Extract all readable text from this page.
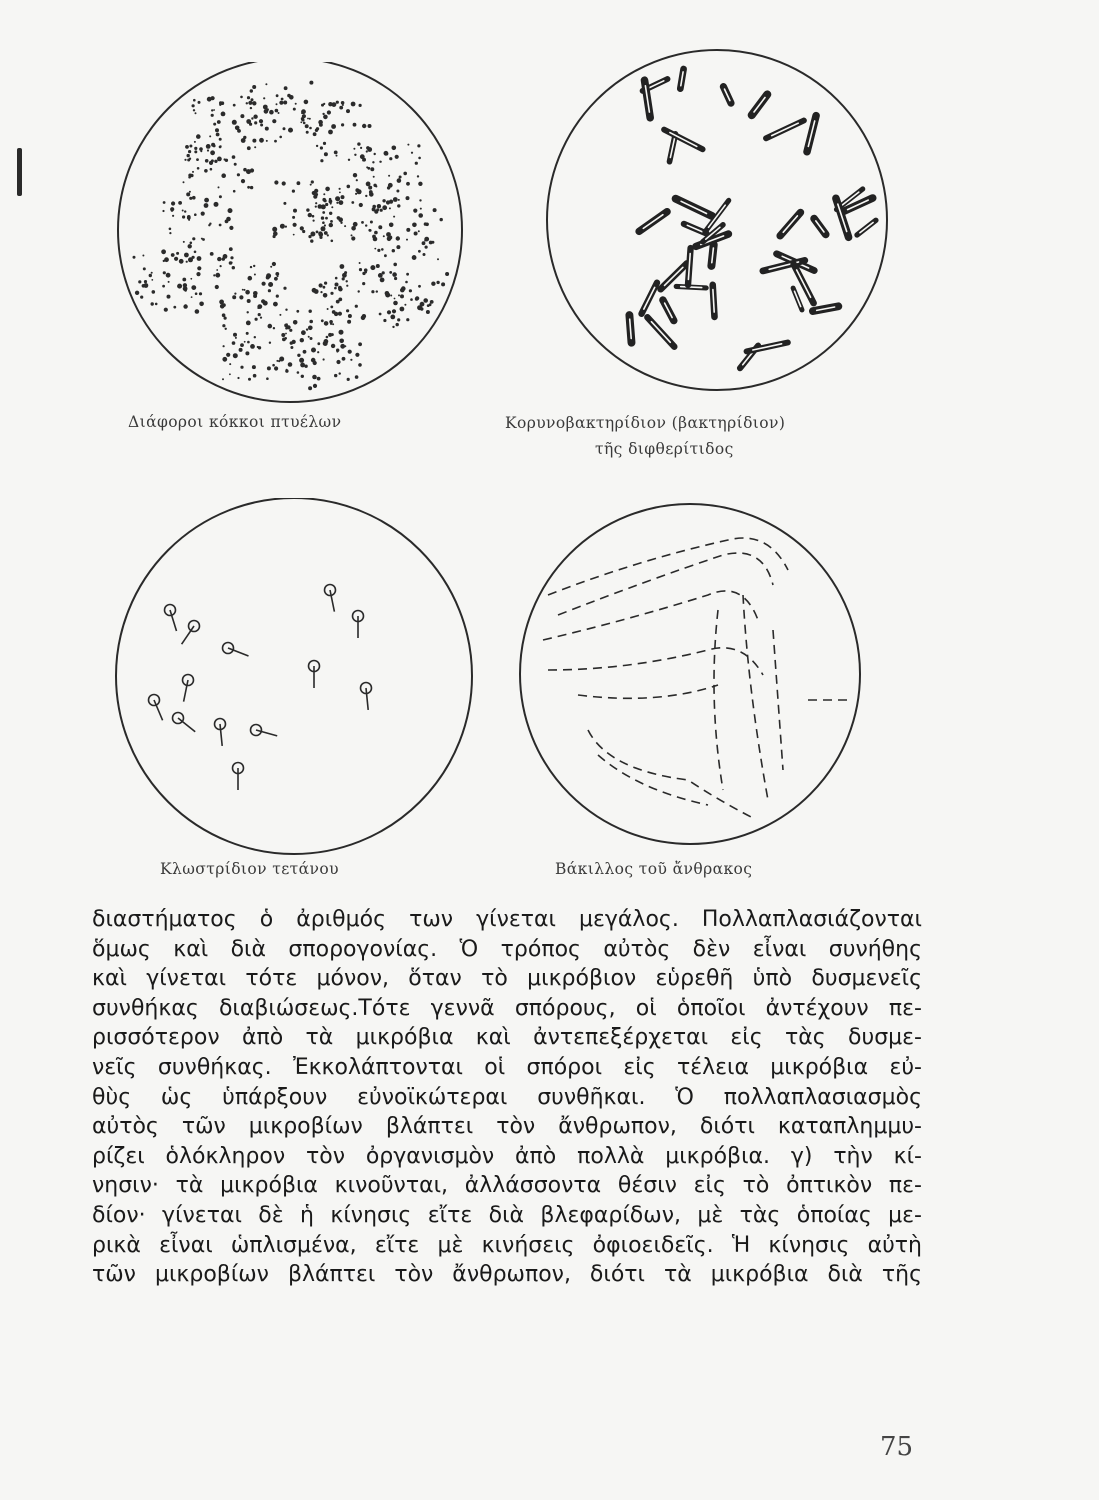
Διάφοροι κόκκοι πτυέλων	Κορυνοβακτηρίδιον (βακτηρίδιον)
τῆς διφθερίτιδος
Κλωστρίδιον τετάνου	Βάκιλλος τοῦ ἄνθρακος
διαστήματος ὁ ἀριθμός των γίνεται μεγάλος. Πολλαπλασιάζονται
ὅμως καὶ διὰ σπορογονίας. Ὁ τρόπος αὐτὸς δὲν εἶναι συνήθης
καὶ γίνεται τότε μόνον, ὅταν τὸ μικρόβιον εὑρεθῆ ὑπὸ δυσμενεῖς
συνθήκας διαβιώσεως.Τότε γεννᾶ σπόρους, οἱ ὁποῖοι ἀντέχουν πε-
ρισσότερον ἀπὸ τὰ μικρόβια καὶ ἀντεπεξέρχεται εἰς τὰς δυσμε-
νεῖς συνθήκας. Ἐκκολάπτονται οἱ σπόροι εἰς τέλεια μικρόβια εὐ-
θὺς ὡς ὑπάρξουν εὐνοϊκώτεραι συνθῆκαι. Ὁ πολλαπλασιασμὸς
αὐτὸς τῶν μικροβίων βλάπτει τὸν ἄνθρωπον, διότι καταπλημμυ-
ρίζει ὁλόκληρον τὸν ὀργανισμὸν ἀπὸ πολλὰ μικρόβια. γ) τὴν κί-
νησιν· τὰ μικρόβια κινοῦνται, ἀλλάσσοντα θέσιν εἰς τὸ ὀπτικὸν πε-
δίον· γίνεται δὲ ἡ κίνησις εἴτε διὰ βλεφαρίδων, μὲ τὰς ὁποίας με-
ρικὰ εἶναι ὡπλισμένα, εἴτε μὲ κινήσεις ὀφιοειδεῖς. Ἡ κίνησις αὐτὴ
τῶν μικροβίων βλάπτει τὸν ἄνθρωπον, διότι τὰ μικρόβια διὰ τῆς
75
